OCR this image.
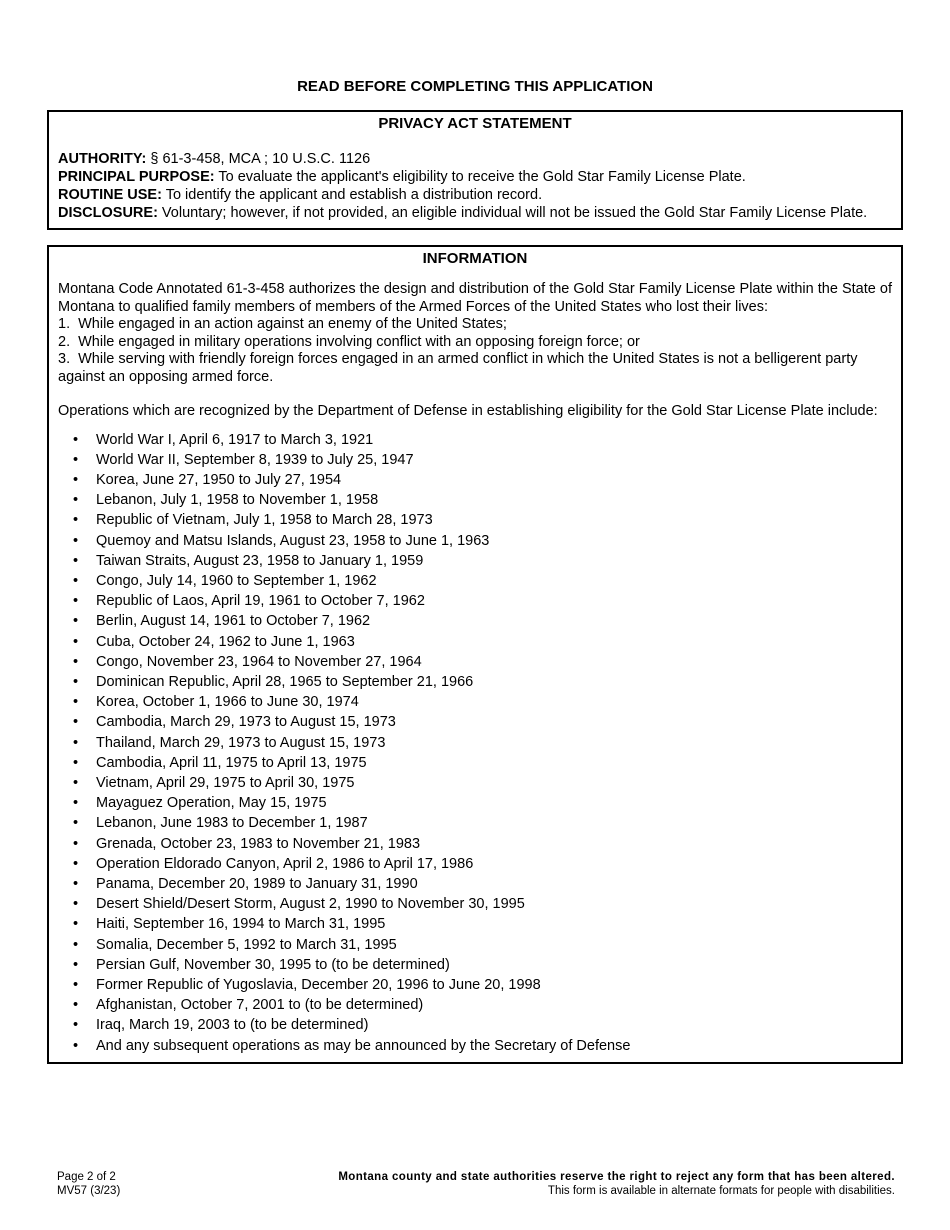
READ BEFORE COMPLETING THIS APPLICATION
PRIVACY ACT STATEMENT
AUTHORITY: § 61-3-458, MCA ; 10 U.S.C. 1126
PRINCIPAL PURPOSE: To evaluate the applicant's eligibility to receive the Gold Star Family License Plate.
ROUTINE USE: To identify the applicant and establish a distribution record.
DISCLOSURE: Voluntary; however, if not provided, an eligible individual will not be issued the Gold Star Family License Plate.
INFORMATION
Montana Code Annotated 61-3-458 authorizes the design and distribution of the Gold Star Family License Plate within the State of Montana to qualified family members of members of the Armed Forces of the United States who lost their lives:
1. While engaged in an action against an enemy of the United States;
2. While engaged in military operations involving conflict with an opposing foreign force; or
3. While serving with friendly foreign forces engaged in an armed conflict in which the United States is not a belligerent party against an opposing armed force.
Operations which are recognized by the Department of Defense in establishing eligibility for the Gold Star License Plate include:
•	World War I, April 6, 1917 to March 3, 1921
•	World War II, September 8, 1939 to July 25, 1947
•	Korea, June 27, 1950 to July 27, 1954
•	Lebanon, July 1, 1958 to November 1, 1958
•	Republic of Vietnam, July 1, 1958 to March 28, 1973
•	Quemoy and Matsu Islands, August 23, 1958 to June 1, 1963
•	Taiwan Straits, August 23, 1958 to January 1, 1959
•	Congo, July 14, 1960 to September 1, 1962
•	Republic of Laos, April 19, 1961 to October 7, 1962
•	Berlin, August 14, 1961 to October 7, 1962
•	Cuba, October 24, 1962 to June 1, 1963
•	Congo, November 23, 1964 to November 27, 1964
•	Dominican Republic, April 28, 1965 to September 21, 1966
•	Korea, October 1, 1966 to June 30, 1974
•	Cambodia, March 29, 1973 to August 15, 1973
•	Thailand, March 29, 1973 to August 15, 1973
•	Cambodia, April 11, 1975 to April 13, 1975
•	Vietnam, April 29, 1975 to April 30, 1975
•	Mayaguez Operation, May 15, 1975
•	Lebanon, June 1983 to December 1, 1987
•	Grenada, October 23, 1983 to November 21, 1983
•	Operation Eldorado Canyon, April 2, 1986 to April 17, 1986
•	Panama, December 20, 1989 to January 31, 1990
•	Desert Shield/Desert Storm, August 2, 1990 to November 30, 1995
•	Haiti, September 16, 1994 to March 31, 1995
•	Somalia, December 5, 1992 to March 31, 1995
•	Persian Gulf, November 30, 1995 to (to be determined)
•	Former Republic of Yugoslavia, December 20, 1996 to June 20, 1998
•	Afghanistan, October 7, 2001 to (to be determined)
•	Iraq, March 19, 2003 to (to be determined)
•	And any subsequent operations as may be announced by the Secretary of Defense
Page 2 of 2
MV57 (3/23)
Montana county and state authorities reserve the right to reject any form that has been altered.
This form is available in alternate formats for people with disabilities.
